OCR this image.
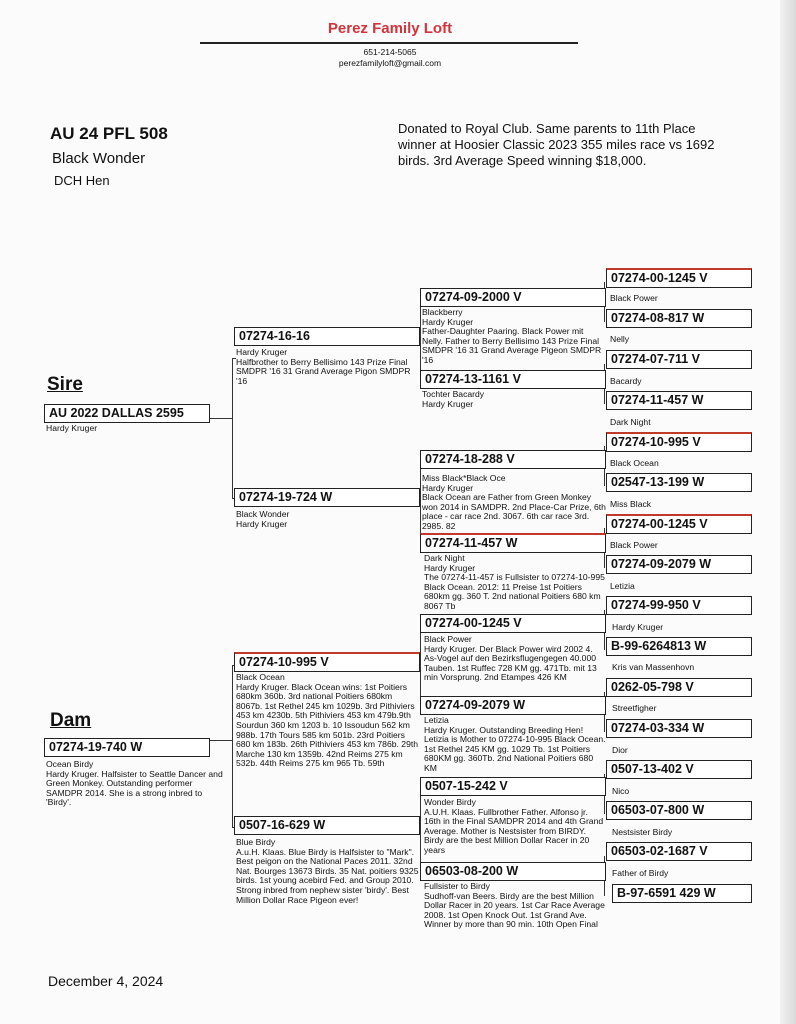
Perez Family Loft
651-214-5065
perezfamilyloft@gmail.com
AU 24 PFL 508
Black Wonder
DCH Hen
Donated to Royal Club. Same parents to 11th Place winner at Hoosier Classic 2023 355 miles race vs 1692 birds. 3rd Average Speed winning $18,000.
Sire
AU 2022 DALLAS 2595
Hardy Kruger
07274-16-16
Hardy Kruger
Halfbrother to Berry Bellisimo 143 Prize Final SMDPR '16 31 Grand Average Pigon SMDPR '16
07274-19-724 W
Black Wonder
Hardy Kruger
07274-09-2000 V
Blackberry
Hardy Kruger
Father-Daughter Paaring. Black Power mit Nelly. Father to Berry Bellisimo 143 Prize Final SMDPR '16 31 Grand Average Pigeon SMDPR '16
07274-13-1161 V
Tochter Bacardy
Hardy Kruger
07274-18-288 V
Miss Black*Black Oce
Hardy Kruger
Black Ocean are Father from Green Monkey won 2014 in SAMDPR. 2nd Place-Car Prize, 6th place - car race 2nd. 3067. 6th car race 3rd. 2985. 82
07274-11-457 W
Dark Night
Hardy Kruger
The 07274-11-457 is Fullsister to 07274-10-995 Black Ocean. 2012: 11 Preise 1st Poitiers 680km gg. 360 T. 2nd national Poitiers 680 km 8067 Tb
07274-00-1245 V
Black Power
07274-08-817 W
Nelly
07274-07-711 V
Bacardy
07274-11-457 W
Dark Night
07274-10-995 V
Black Ocean
02547-13-199 W
Miss Black
07274-00-1245 V
Black Power
07274-09-2079 W
Letizia
Dam
07274-19-740 W
Ocean Birdy
Hardy Kruger. Halfsister to Seattle Dancer and Green Monkey. Outstanding performer SAMDPR 2014. She is a strong inbred to 'Birdy'.
07274-10-995 V
Black Ocean
Hardy Kruger. Black Ocean wins: 1st Poitiers 680km 360b. 3rd national Poitiers 680km 8067b. 1st Rethel 245 km 1029b. 3rd Pithiviers 453 km 4230b. 5th Pithiviers 453 km 479b.9th Sourdun 360 km 1203 b. 10 Issoudun 562 km 988b. 17th Tours 585 km 501b. 23rd Poitiers 680 km 183b. 26th Pithiviers 453 km 786b. 29th Marche 130 km 1359b. 42nd Reims 275 km 532b. 44th Reims 275 km 965 Tb. 59th
0507-16-629 W
Blue Birdy
A.u.H. Klaas. Blue Birdy is Halfsister to "Mark". Best peigon on the National Paces 2011. 32nd Nat. Bourges 13673 Birds. 35 Nat. poitiers 9325 birds. 1st young acebird Fed. and Group 2010. Strong inbred from nephew sister 'birdy'. Best Million Dollar Race Pigeon ever!
07274-00-1245 V
Black Power
Hardy Kruger. Der Black Power wird 2002 4. As-Vogel auf den Bezirksflugengegen 40.000 Tauben. 1st Ruffec 728 KM gg. 471Tb. mit 13 min Vorsprung. 2nd Etampes 426 KM
07274-09-2079 W
Letizia
Hardy Kruger. Outstanding Breeding Hen! Letizia is Mother to 07274-10-995 Black Ocean. 1st Rethel 245 KM gg. 1029 Tb. 1st Poitiers 680KM gg. 360Tb. 2nd National Poitiers 680 KM
0507-15-242 V
Wonder Birdy
A.U.H. Klaas. Fullbrother Father. Alfonso jr. 16th in the Final SAMDPR 2014 and 4th Grand Average. Mother is Nestsister from BIRDY. Birdy are the best Million Dollar Racer in 20 years
06503-08-200 W
Fullsister to Birdy
Sudhoff-van Beers. Birdy are the best Million Dollar Racer in 20 years. 1st Car Race Average 2008. 1st Open Knock Out. 1st Grand Ave. Winner by more than 90 min. 10th Open Final
07274-99-950 V
Hardy Kruger
B-99-6264813 W
Kris van Massenhovn
0262-05-798 V
Streetfigher
07274-03-334 W
Dior
0507-13-402 V
Nico
06503-07-800 W
Nestsister Birdy
06503-02-1687 V
Father of Birdy
B-97-6591 429 W
December 4, 2024
